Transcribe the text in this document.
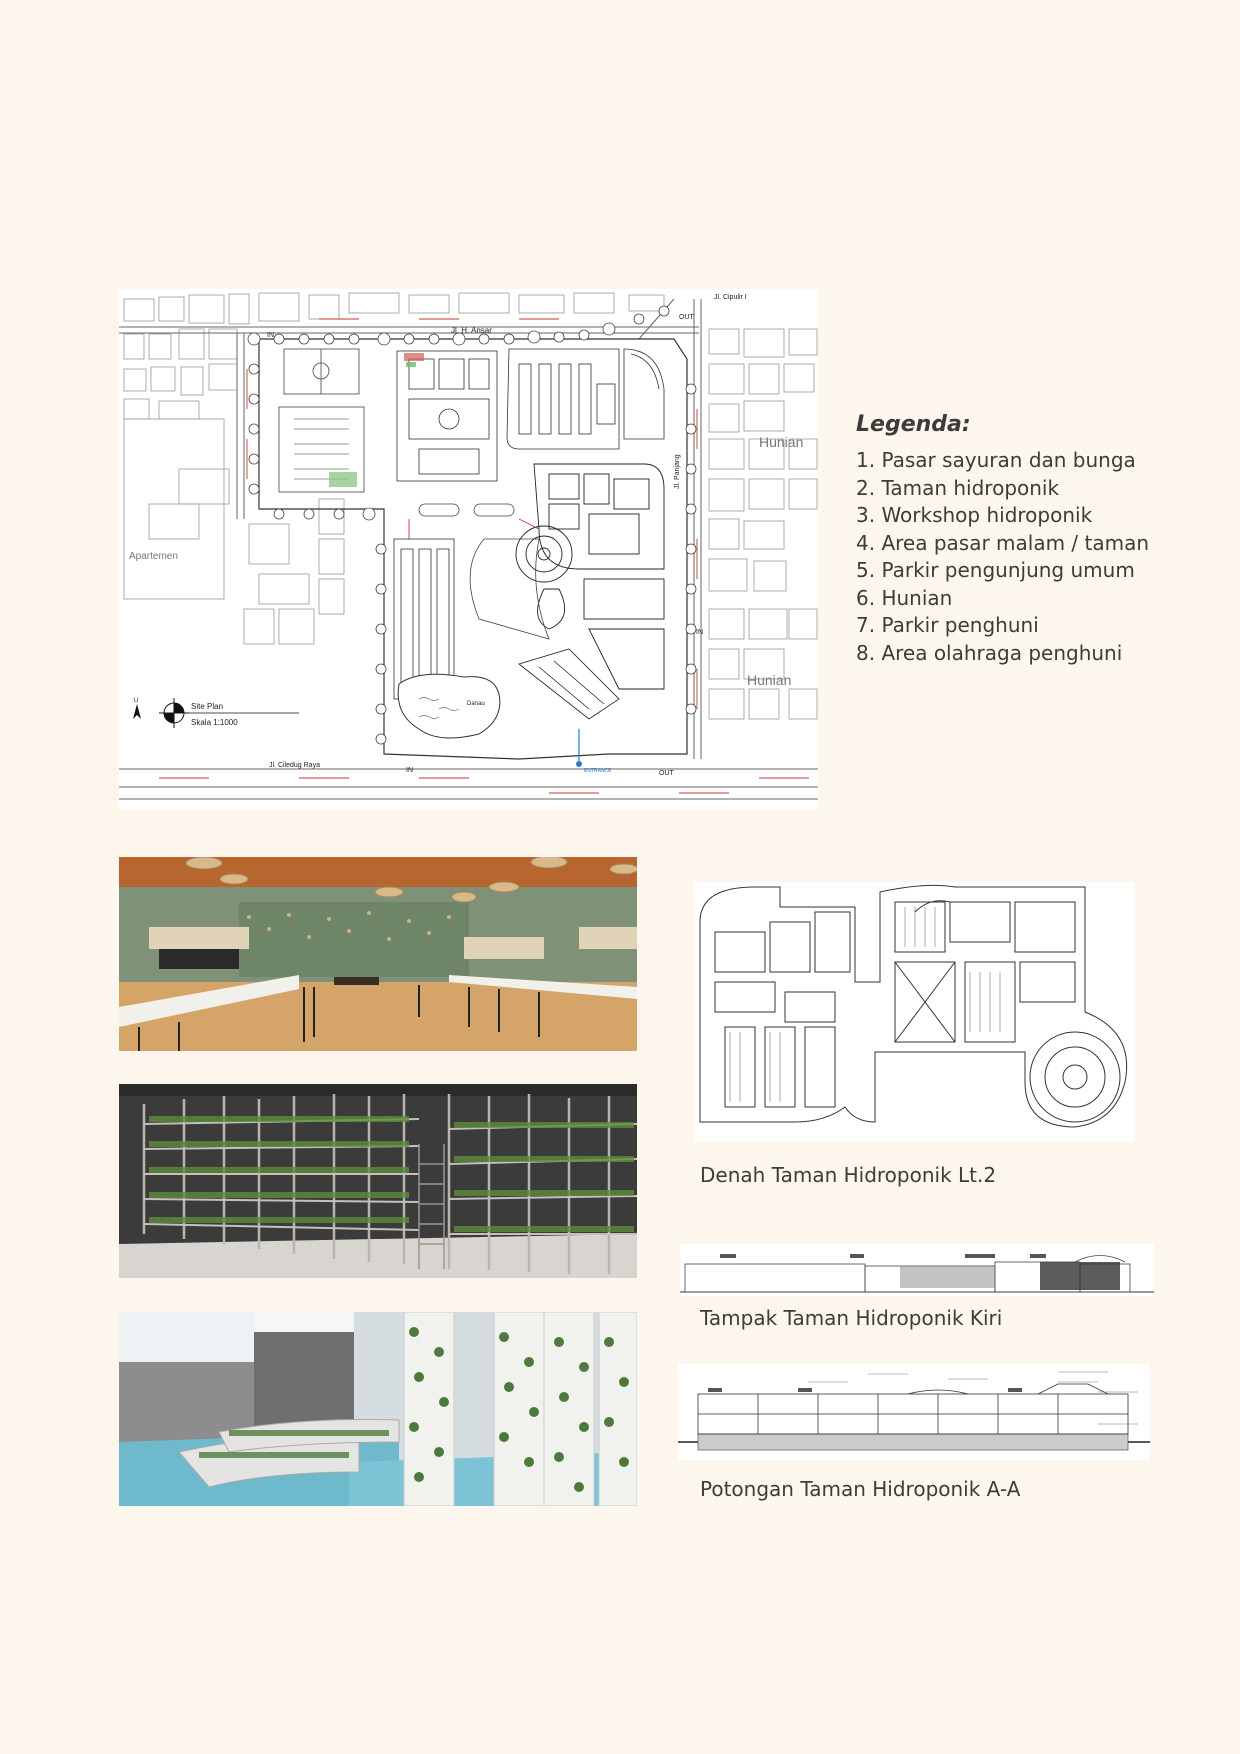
Jl. H. Ansar
Jl. Cipulir I
Jl. Ciledug Raya
Jl. Panjang
Apartemen
Hunian
Hunian
Danau
IN
OUT
IN
IN	OUT
ENTRANCE
U
Site Plan
Skala 1:1000
Legenda:
1. Pasar sayuran dan bunga
2. Taman hidroponik
3. Workshop hidroponik
4. Area pasar malam / taman
5. Parkir pengunjung umum
6. Hunian
7. Parkir penghuni
8. Area olahraga penghuni
Denah Taman Hidroponik Lt.2
Tampak Taman Hidroponik Kiri
Potongan Taman Hidroponik A-A
